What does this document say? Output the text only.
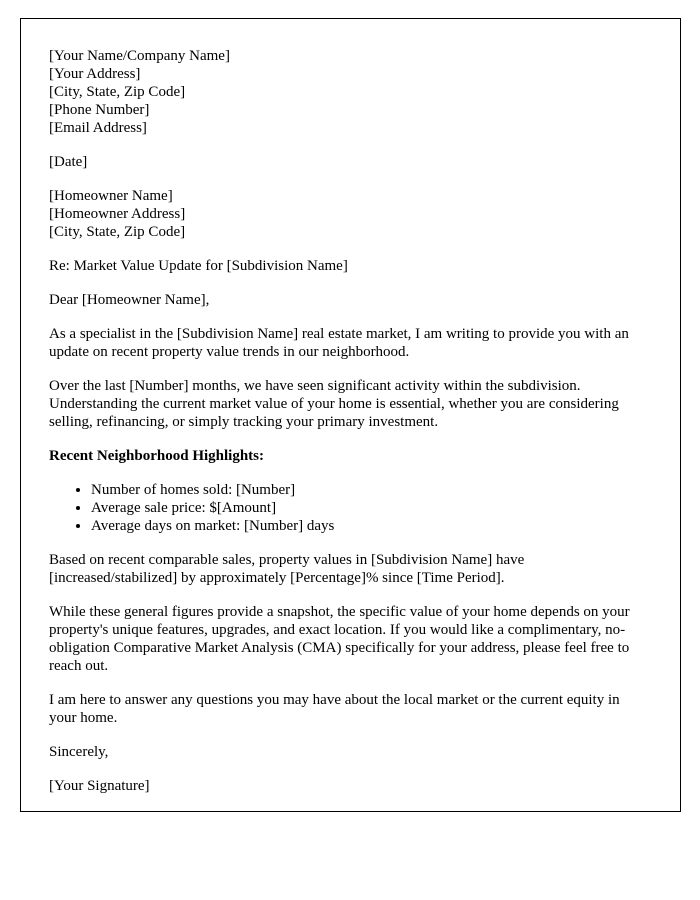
[Your Name/Company Name]
[Your Address]
[City, State, Zip Code]
[Phone Number]
[Email Address]
[Date]
[Homeowner Name]
[Homeowner Address]
[City, State, Zip Code]
Re: Market Value Update for [Subdivision Name]
Dear [Homeowner Name],

As a specialist in the [Subdivision Name] real estate market, I am writing to provide you with an update on recent property value trends in our neighborhood.

Over the last [Number] months, we have seen significant activity within the subdivision. Understanding the current market value of your home is essential, whether you are considering selling, refinancing, or simply tracking your primary investment.

Recent Neighborhood Highlights:
• Number of homes sold: [Number]
• Average sale price: $[Amount]
• Average days on market: [Number] days

Based on recent comparable sales, property values in [Subdivision Name] have [increased/stabilized] by approximately [Percentage]% since [Time Period].

While these general figures provide a snapshot, the specific value of your home depends on your property's unique features, upgrades, and exact location. If you would like a complimentary, no-obligation Comparative Market Analysis (CMA) specifically for your address, please feel free to reach out.

I am here to answer any questions you may have about the local market or the current equity in your home.

Sincerely,
[Your Signature]
